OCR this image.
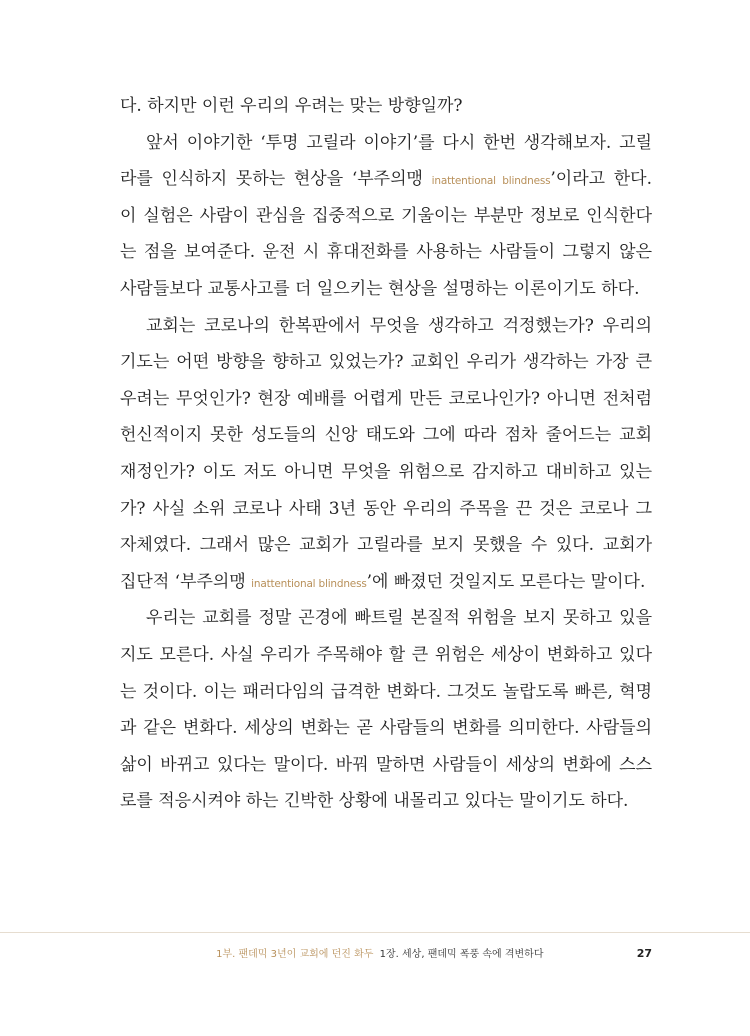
다. 하지만 이런 우리의 우려는 맞는 방향일까?
앞서 이야기한 ‘투명 고릴라 이야기’를 다시 한번 생각해보자. 고릴
라를 인식하지 못하는 현상을 ‘부주의맹 inattentional blindness’이라고 한다.
이 실험은 사람이 관심을 집중적으로 기울이는 부분만 정보로 인식한다
는 점을 보여준다. 운전 시 휴대전화를 사용하는 사람들이 그렇지 않은
사람들보다 교통사고를 더 일으키는 현상을 설명하는 이론이기도 하다.
교회는 코로나의 한복판에서 무엇을 생각하고 걱정했는가? 우리의
기도는 어떤 방향을 향하고 있었는가? 교회인 우리가 생각하는 가장 큰
우려는 무엇인가? 현장 예배를 어렵게 만든 코로나인가? 아니면 전처럼
헌신적이지 못한 성도들의 신앙 태도와 그에 따라 점차 줄어드는 교회
재정인가? 이도 저도 아니면 무엇을 위험으로 감지하고 대비하고 있는
가? 사실 소위 코로나 사태 3년 동안 우리의 주목을 끈 것은 코로나 그
자체였다. 그래서 많은 교회가 고릴라를 보지 못했을 수 있다. 교회가
집단적 ‘부주의맹 inattentional blindness’에 빠졌던 것일지도 모른다는 말이다.
우리는 교회를 정말 곤경에 빠트릴 본질적 위험을 보지 못하고 있을
지도 모른다. 사실 우리가 주목해야 할 큰 위험은 세상이 변화하고 있다
는 것이다. 이는 패러다임의 급격한 변화다. 그것도 놀랍도록 빠른, 혁명
과 같은 변화다. 세상의 변화는 곧 사람들의 변화를 의미한다. 사람들의
삶이 바뀌고 있다는 말이다. 바꿔 말하면 사람들이 세상의 변화에 스스
로를 적응시켜야 하는 긴박한 상황에 내몰리고 있다는 말이기도 하다.
1부. 팬데믹 3년이 교회에 던진 화두 1장. 세상, 팬데믹 폭풍 속에 격변하다	27
